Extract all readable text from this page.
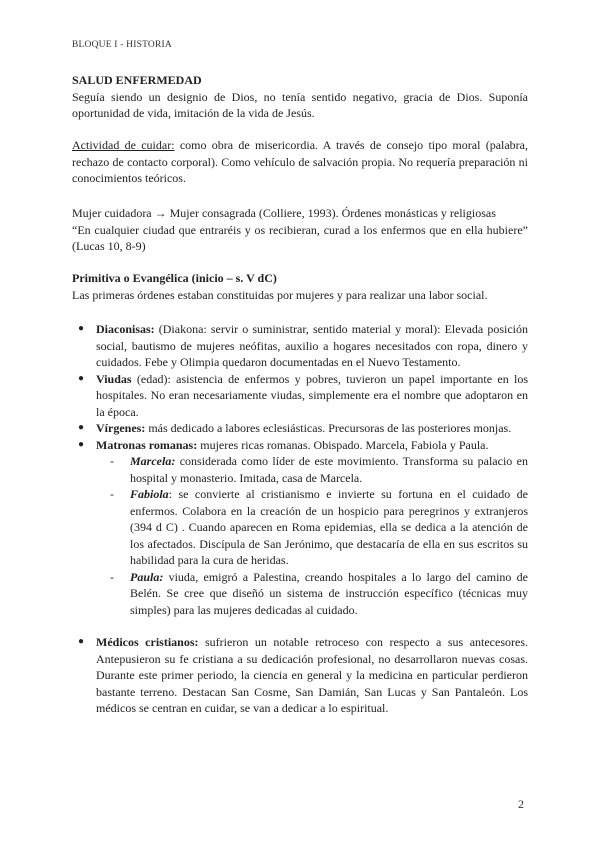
BLOQUE I - HISTORIA

SALUD ENFERMEDAD

Seguía siendo un designio de Dios, no tenía sentido negativo, gracia de Dios. Suponía oportunidad de vida, imitación de la vida de Jesús.

Actividad de cuidar: como obra de misericordia. A través de consejo tipo moral (palabra, rechazo de contacto corporal). Como vehículo de salvación propia. No requería preparación ni conocimientos teóricos.

Mujer cuidadora → Mujer consagrada (Colliere, 1993). Órdenes monásticas y religiosas

“En cualquier ciudad que entraréis y os recibieran, curad a los enfermos que en ella hubiere” (Lucas 10, 8-9)

Primitiva o Evangélica (inicio – s. V dC)

Las primeras órdenes estaban constituidas por mujeres y para realizar una labor social.

● Diaconisas: (Diakona: servir o suministrar, sentido material y moral): Elevada posición social, bautismo de mujeres neófitas, auxilio a hogares necesitados con ropa, dinero y cuidados. Febe y Olimpia quedaron documentadas en el Nuevo Testamento.
● Viudas (edad): asistencia de enfermos y pobres, tuvieron un papel importante en los hospitales. No eran necesariamente viudas, simplemente era el nombre que adoptaron en la época.
● Vírgenes: más dedicado a labores eclesiásticas. Precursoras de las posteriores monjas.
● Matronas romanas: mujeres ricas romanas. Obispado. Marcela, Fabiola y Paula.
- Marcela: considerada como líder de este movimiento. Transforma su palacio en hospital y monasterio. Imitada, casa de Marcela.
- Fabiola: se convierte al cristianismo e invierte su fortuna en el cuidado de enfermos. Colabora en la creación de un hospicio para peregrinos y extranjeros (394 d C) . Cuando aparecen en Roma epidemias, ella se dedica a la atención de los afectados. Discípula de San Jerónimo, que destacaría de ella en sus escritos su habilidad para la cura de heridas.
- Paula: viuda, emigró a Palestina, creando hospitales a lo largo del camino de Belén. Se cree que diseñó un sistema de instrucción específico (técnicas muy simples) para las mujeres dedicadas al cuidado.
● Médicos cristianos: sufrieron un notable retroceso con respecto a sus antecesores. Antepusieron su fe cristiana a su dedicación profesional, no desarrollaron nuevas cosas. Durante este primer periodo, la ciencia en general y la medicina en particular perdieron bastante terreno. Destacan San Cosme, San Damián, San Lucas y San Pantaleón. Los médicos se centran en cuidar, se van a dedicar a lo espiritual.
2
